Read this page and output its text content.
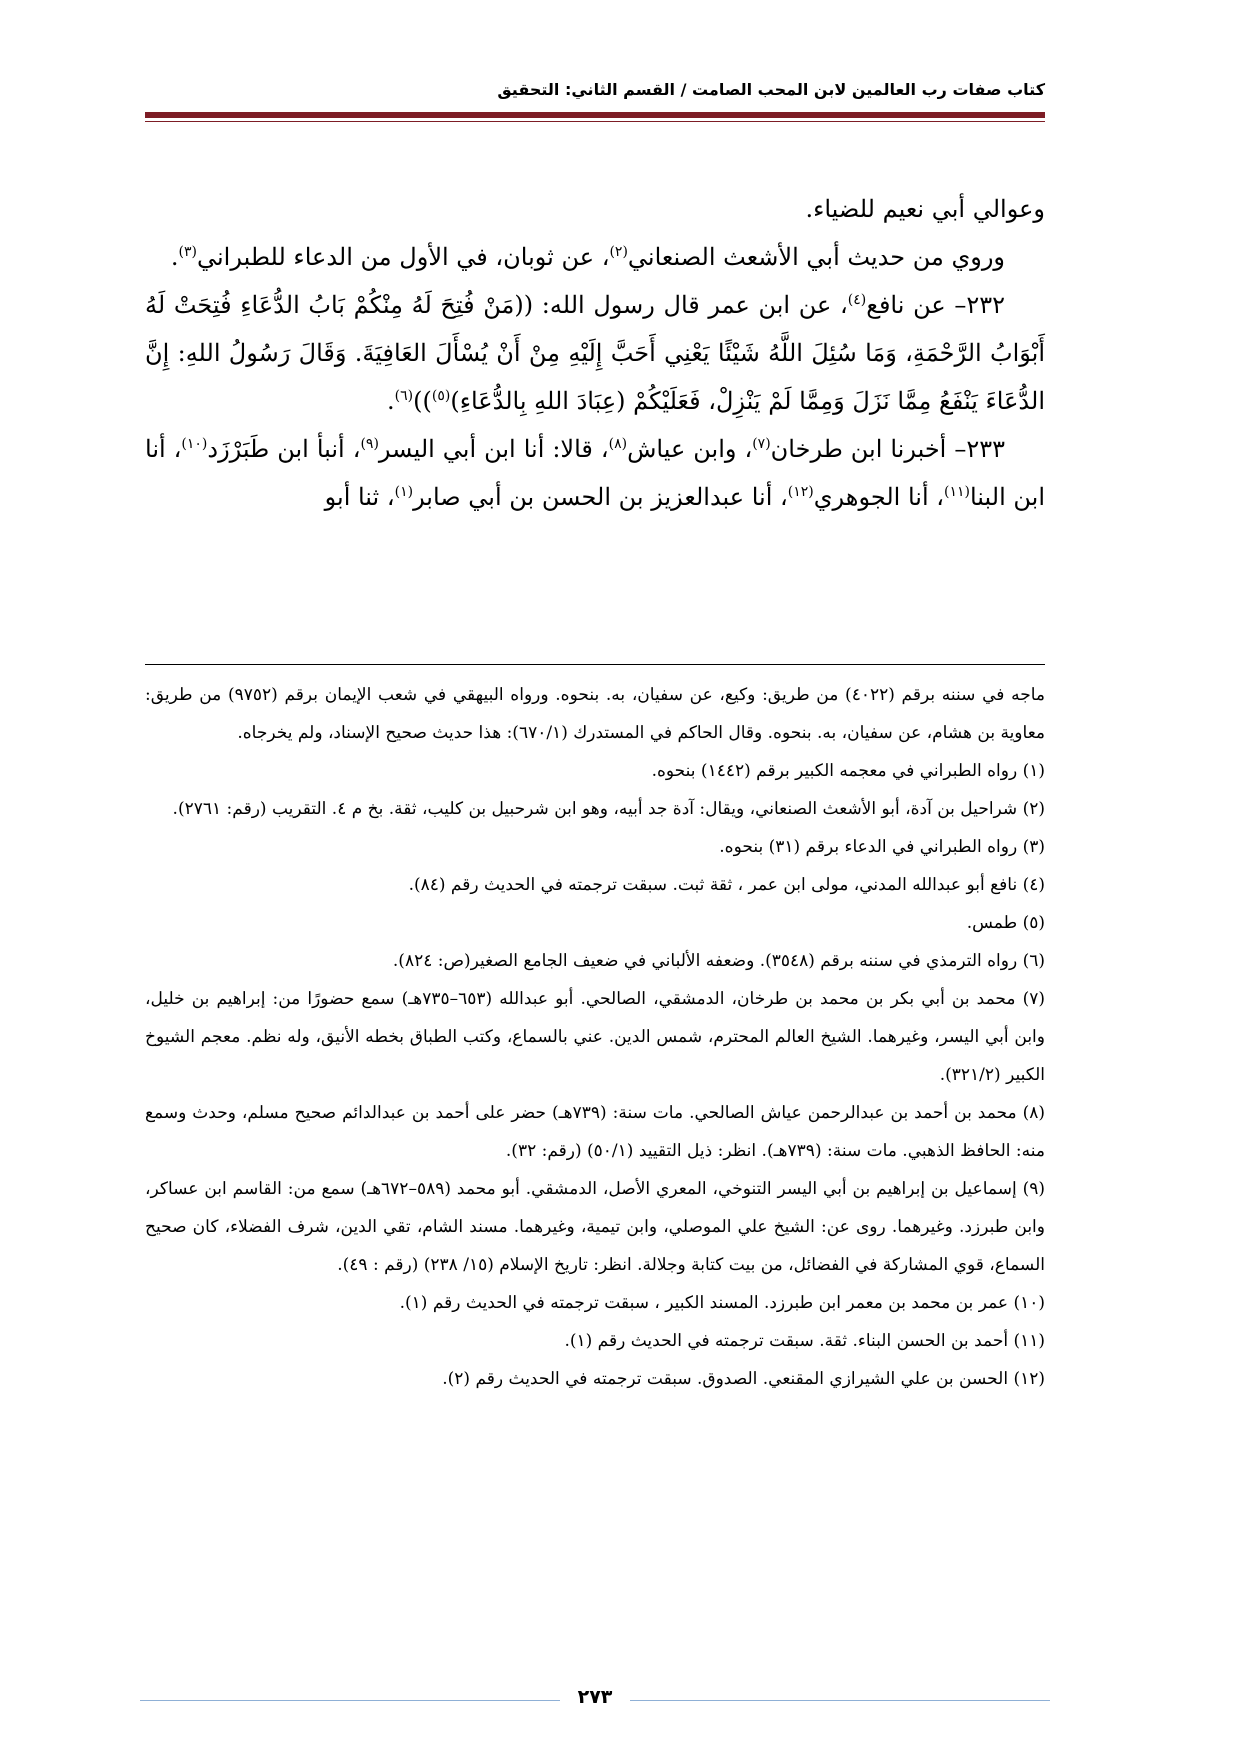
كتاب صفات رب العالمين لابن المحب الصامت / القسم الثاني: التحقيق

وعوالي أبي نعيم للضياء.

وروي من حديث أبي الأشعث الصنعاني$^{(٢)}$، عن ثوبان، في الأول من الدعاء للطبراني$^{(٣)}$.

٢٣٢– عن نافع$^{(٤)}$، عن ابن عمر قال رسول الله: ((مَنْ فُتِحَ لَهُ مِنْكُمْ بَابُ الدُّعَاءِ فُتِحَتْ لَهُ أَبْوَابُ الرَّحْمَةِ، وَمَا سُئِلَ اللَّهُ شَيْئًا يَعْنِي أَحَبَّ إِلَيْهِ مِنْ أَنْ يُسْأَلَ العَافِيَةَ. وَقَالَ رَسُولُ اللهِ: إِنَّ الدُّعَاءَ يَنْفَعُ مِمَّا نَزَلَ وَمِمَّا لَمْ يَنْزِلْ، فَعَلَيْكُمْ (عِبَادَ اللهِ بِالدُّعَاءِ)$^{(٥)}$))$^{(٦)}$.

٢٣٣– أخبرنا ابن طرخان$^{(٧)}$، وابن عياش$^{(٨)}$، قالا: أنا ابن أبي اليسر$^{(٩)}$، أنبأ ابن طَبَرْزَد$^{(١٠)}$، أنا ابن البنا$^{(١١)}$، أنا الجوهري$^{(١٢)}$، أنا عبدالعزيز بن الحسن بن أبي صابر$^{(١)}$، ثنا أبو

ماجه في سننه برقم (٤٠٢٢) من طريق: وكيع، عن سفيان، به. بنحوه. ورواه البيهقي في شعب الإيمان برقم (٩٧٥٢) من طريق: معاوية بن هشام، عن سفيان، به. بنحوه. وقال الحاكم في المستدرك (٦٧٠/١): هذا حديث صحيح الإسناد، ولم يخرجاه.

(١) رواه الطبراني في معجمه الكبير برقم (١٤٤٢) بنحوه.

(٢) شراحيل بن آدة، أبو الأشعث الصنعاني، ويقال: آدة جد أبيه، وهو ابن شرحبيل بن كليب، ثقة. بخ م ٤. التقريب (رقم: ٢٧٦١).

(٣) رواه الطبراني في الدعاء برقم (٣١) بنحوه.

(٤) نافع أبو عبدالله المدني، مولى ابن عمر ، ثقة ثبت. سبقت ترجمته في الحديث رقم (٨٤).

(٥) طمس.

(٦) رواه الترمذي في سننه برقم (٣٥٤٨). وضعفه الألباني في ضعيف الجامع الصغير(ص: ٨٢٤).

(٧) محمد بن أبي بكر بن محمد بن طرخان، الدمشقي، الصالحي. أبو عبدالله (٦٥٣–٧٣٥هـ) سمع حضورًا من: إبراهيم بن خليل، وابن أبي اليسر، وغيرهما. الشيخ العالم المحترم، شمس الدين. عني بالسماع، وكتب الطباق بخطه الأنيق، وله نظم. معجم الشيوخ الكبير (٣٢١/٢).

(٨) محمد بن أحمد بن عبدالرحمن عياش الصالحي. مات سنة: (٧٣٩هـ) حضر على أحمد بن عبدالدائم صحيح مسلم، وحدث وسمع منه: الحافظ الذهبي. مات سنة: (٧٣٩هـ). انظر: ذيل التقييد (٥٠/١) (رقم: ٣٢).

(٩) إسماعيل بن إبراهيم بن أبي اليسر التنوخي، المعري الأصل، الدمشقي. أبو محمد (٥٨٩–٦٧٢هـ) سمع من: القاسم ابن عساكر، وابن طبرزد. وغيرهما. روى عن: الشيخ علي الموصلي، وابن تيمية، وغيرهما. مسند الشام، تقي الدين، شرف الفضلاء، كان صحيح السماع، قوي المشاركة في الفضائل، من بيت كتابة وجلالة. انظر: تاريخ الإسلام (١٥/ ٢٣٨) (رقم : ٤٩).

(١٠) عمر بن محمد بن معمر ابن طبرزد. المسند الكبير ، سبقت ترجمته في الحديث رقم (١).

(١١) أحمد بن الحسن البناء. ثقة. سبقت ترجمته في الحديث رقم (١).

(١٢) الحسن بن علي الشيرازي المقنعي. الصدوق. سبقت ترجمته في الحديث رقم (٢).

٢٧٣
